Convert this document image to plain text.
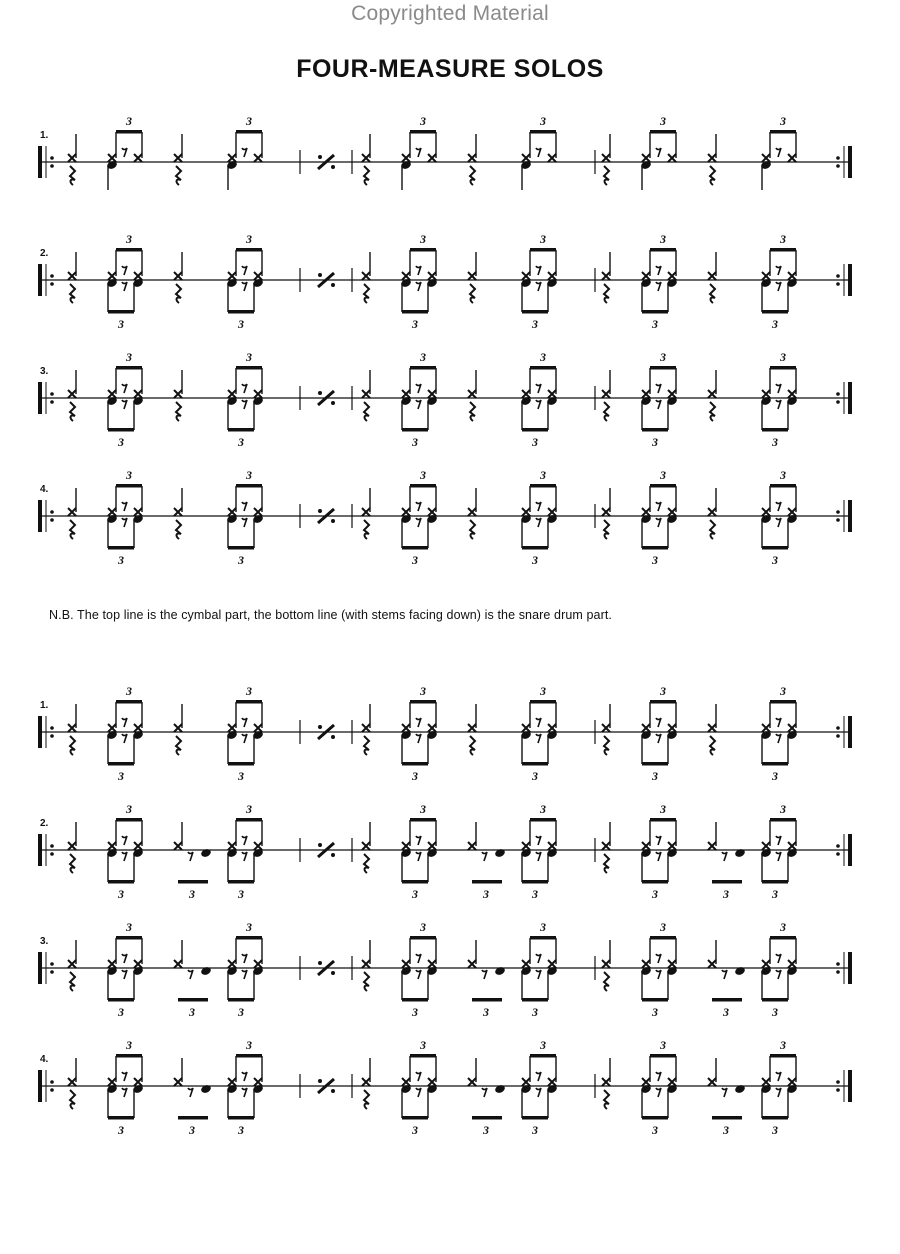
Copyrighted Material
FOUR-MEASURE SOLOS
1.
3	3	3	3	3	3
2.
3
3
3
3
3
3
3
3
3
3
3
3
3.
3
3
3
3
3
3
3
3
3
3
3
3
4.
3
3
3
3
3
3
3
3
3
3
3
3
N.B. The top line is the cymbal part, the bottom line (with stems facing down) is the snare drum part.
1.
3
3
3
3
3
3
3
3
3
3
3
3
2.
3
3	3
3
3
3
3	3
3
3
3
3	3
3
3
3.
3
3	3
3
3
3
3	3
3
3
3
3	3
3
3
4.
3
3	3
3
3
3
3	3
3
3
3
3	3
3
3
